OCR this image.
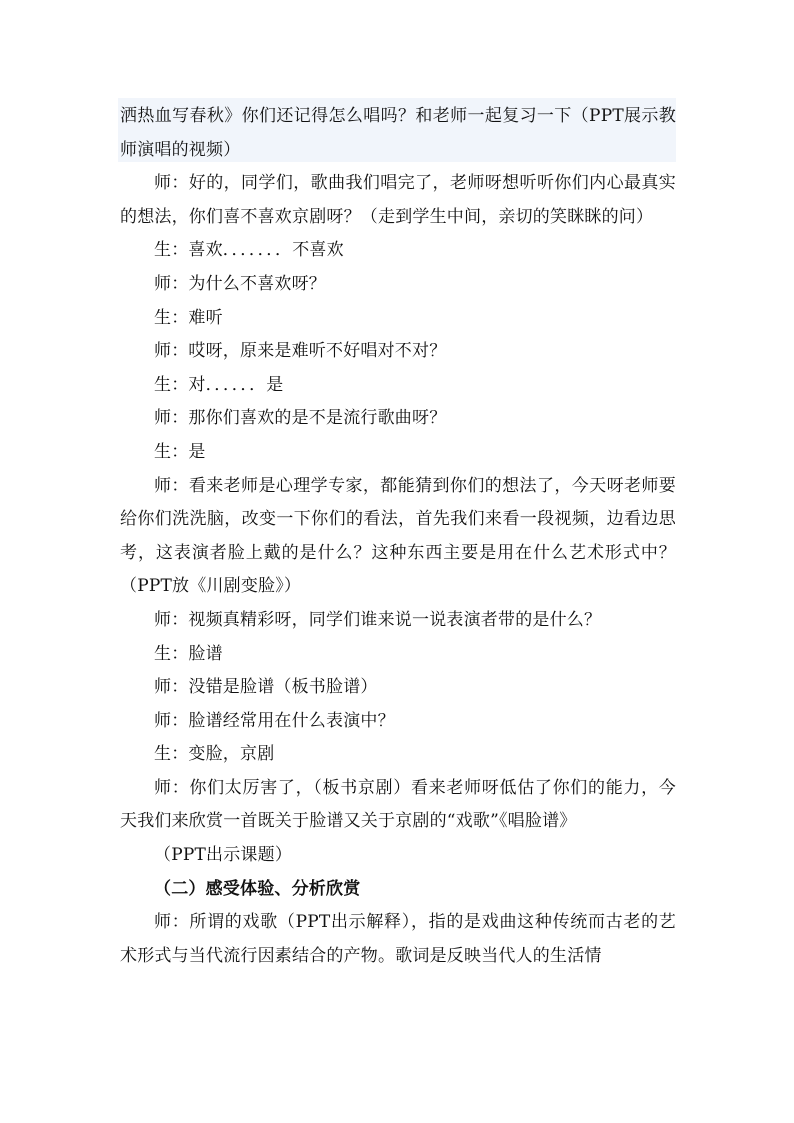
洒热血写春秋》你们还记得怎么唱吗？和老师一起复习一下（PPT展示教师演唱的视频）

师：好的，同学们，歌曲我们唱完了，老师呀想听听你们内心最真实的想法，你们喜不喜欢京剧呀？（走到学生中间，亲切的笑眯眯的问）

生：喜欢．．．．．．．不喜欢

师：为什么不喜欢呀？

生：难听

师：哎呀，原来是难听不好唱对不对？

生：对．．．．．．是

师：那你们喜欢的是不是流行歌曲呀？

生：是

师：看来老师是心理学专家，都能猜到你们的想法了，今天呀老师要给你们洗洗脑，改变一下你们的看法，首先我们来看一段视频，边看边思考，这表演者脸上戴的是什么？这种东西主要是用在什么艺术形式中？（PPT放《川剧变脸》）

师：视频真精彩呀，同学们谁来说一说表演者带的是什么？

生：脸谱

师：没错是脸谱（板书脸谱）

师：脸谱经常用在什么表演中？

生：变脸，京剧

师：你们太厉害了，（板书京剧）看来老师呀低估了你们的能力，今天我们来欣赏一首既关于脸谱又关于京剧的“戏歌”《唱脸谱》

（PPT出示课题）

（二）感受体验、分析欣赏

师：所谓的戏歌（PPT出示解释），指的是戏曲这种传统而古老的艺术形式与当代流行因素结合的产物。歌词是反映当代人的生活情
